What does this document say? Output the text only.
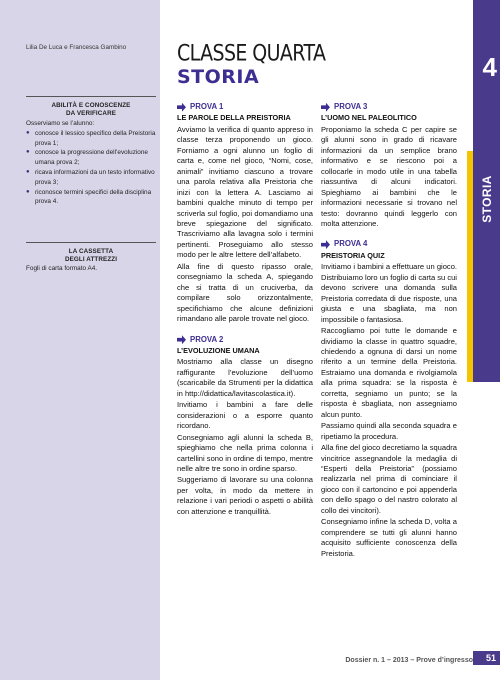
Lilia De Luca e Francesca Gambino
ABILITÀ E CONOSCENZE
DA VERIFICARE
Osserviamo se l’alunno:
● conosce il lessico specifico della Preistoria prova 1;
● conosce la progressione dell’evoluzione umana prova 2;
● ricava informazioni da un testo informativo prova 3;
● riconosce termini specifici della disciplina prova 4.
LA CASSETTA
DEGLI ATTREZZI
Fogli di carta formato A4.
CLASSE QUARTA
STORIA	4
STORIA
PROVA 1
LE PAROLE DELLA PREISTORIA

Avviamo la verifica di quanto appreso in classe terza proponendo un gioco. Forniamo a ogni alunno un foglio di carta e, come nel gioco, “Nomi, cose, animali” invitiamo ciascuno a trovare una parola relativa alla Preistoria che inizi con la lettera A. Lasciamo ai bambini qualche minuto di tempo per scriverla sul foglio, poi domandiamo una breve spiegazione del significato. Trascriviamo alla lavagna solo i termini pertinenti. Proseguiamo allo stesso modo per le altre lettere dell’alfabeto.

Alla fine di questo ripasso orale, consegniamo la scheda A, spiegando che si tratta di un cruciverba, da compilare solo orizzontalmente, specifichiamo che alcune definizioni rimandano alle parole trovate nel gioco.

PROVA 2
L’EVOLUZIONE UMANA

Mostriamo alla classe un disegno raffigurante l’evoluzione dell’uomo (scaricabile da Strumenti per la didattica in http://didattica/lavitascolastica.it).

Invitiamo i bambini a fare delle considerazioni o a esporre quanto ricordano.

Consegniamo agli alunni la scheda B, spieghiamo che nella prima colonna i cartellini sono in ordine di tempo, mentre nelle altre tre sono in ordine sparso.

Suggeriamo di lavorare su una colonna per volta, in modo da mettere in relazione i vari periodi o aspetti o abilità con attenzione e tranquillità.

PROVA 3
L’UOMO NEL PALEOLITICO

Proponiamo la scheda C per capire se gli alunni sono in grado di ricavare informazioni da un semplice brano informativo e se riescono poi a collocarle in modo utile in una tabella riassuntiva di alcuni indicatori. Spieghiamo ai bambini che le informazioni necessarie si trovano nel testo: dovranno quindi leggerlo con molta attenzione.

PROVA 4
PREISTORIA QUIZ

Invitiamo i bambini a effettuare un gioco. Distribuiamo loro un foglio di carta su cui devono scrivere una domanda sulla Preistoria corredata di due risposte, una giusta e una sbagliata, ma non impossibile o fantasiosa.

Raccogliamo poi tutte le domande e dividiamo la classe in quattro squadre, chiedendo a ognuna di darsi un nome riferito a un termine della Preistoria. Estraiamo una domanda e rivolgiamola alla prima squadra: se la risposta è corretta, segniamo un punto; se la risposta è sbagliata, non assegniamo alcun punto.

Passiamo quindi alla seconda squadra e ripetiamo la procedura.

Alla fine del gioco decretiamo la squadra vincitrice assegnandole la medaglia di “Esperti della Preistoria” (possiamo realizzarla nel prima di cominciare il gioco con il cartoncino e poi appenderla con dello spago o del nastro colorato al collo dei vincitori).

Consegniamo infine la scheda D, volta a comprendere se tutti gli alunni hanno acquisito sufficiente conoscenza della Preistoria.

Dossier n. 1 – 2013 – Prove d’ingresso 51
